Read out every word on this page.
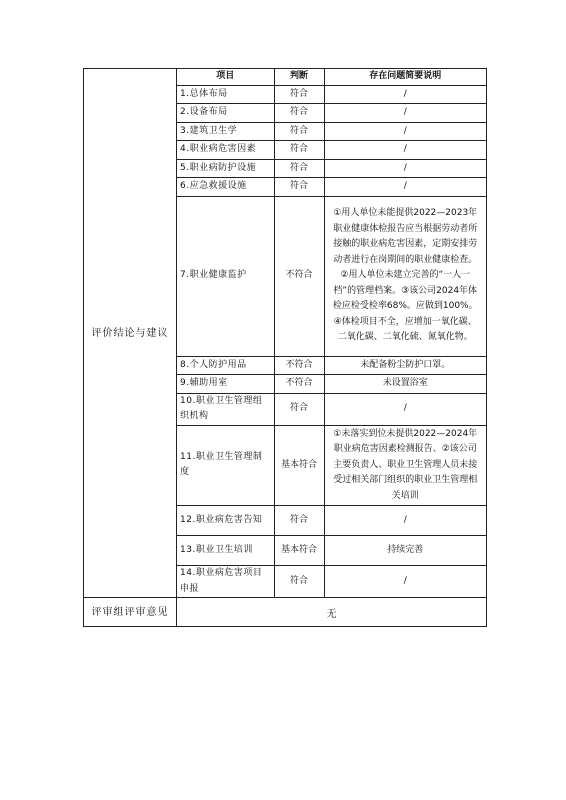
评价结论与建议	
项目	判断	存在问题简要说明
1.总体布局	符合	/
2.设备布局	符合	/
3.建筑卫生学	符合	/
4.职业病危害因素	符合	/
5.职业病防护设施	符合	/
6.应急救援设施	符合	/
7.职业健康监护	不符合	①用人单位未能提供2022—2023年职业健康体检报告应当根据劳动者所接触的职业病危害因素，定期安排劳动者进行在岗期间的职业健康检查。②用人单位未建立完善的“一人一档”的管理档案。③该公司2024年体检应检受检率68%。应做到100%。④体检项目不全，应增加一氧化碳、二氧化碳、二氧化硫、氮氧化物。
8.个人防护用品	不符合	未配备粉尘防护口罩。
9.辅助用室	不符合	未设置浴室
10.职业卫生管理组织机构	符合	/
11.职业卫生管理制度	基本符合	①未落实到位未提供2022—2024年职业病危害因素检测报告、②该公司主要负责人、职业卫生管理人员未接受过相关部门组织的职业卫生管理相关培训
12.职业病危害告知	符合	/
13.职业卫生培训	基本符合	持续完善
14.职业病危害项目申报	符合	/

评审组评审意见	无
